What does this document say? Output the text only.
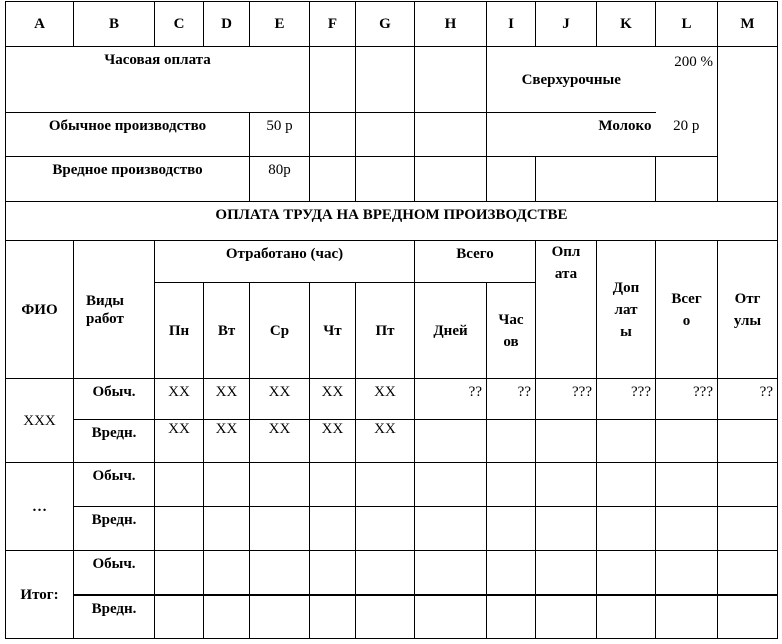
A	B	C	D	E	F	G	H	I	J	K	L	M
Часовая оплата								Сверхурочные			200 %	
Обычное производство				50 р				Молоко			20 р	
Вредное производство				80р								
ОПЛАТА ТРУДА НА ВРЕДНОМ ПРОИЗВОДСТВЕ												
ФИО	Виды работ	Отработано (час)					Всего		Оплата	Доплаты	Всего	Отгулы
		Пн	Вт	Ср	Чт	Пт	Дней	Часов				
XXX	Обыч.	XX	XX	XX	XX	XX	??	??	???	???	???	??
	Вредн.	XX	XX	XX	XX	XX						
…	Обыч.											
	Вредн.											
Итог:	Обыч.											
	Вредн.											
